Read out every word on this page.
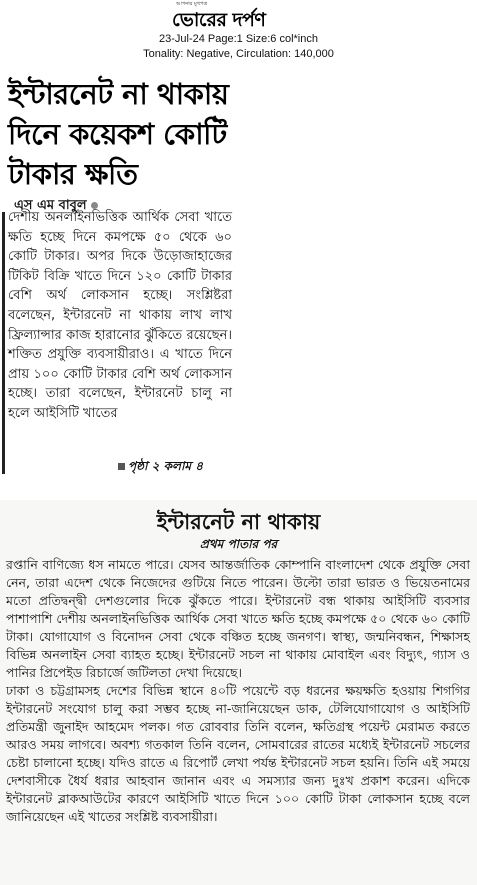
আপনার মুখপত্র
ভোরের দর্পণ
23-Jul-24 Page:1 Size:6 col*inch
Tonality: Negative, Circulation: 140,000
ইন্টারনেট না থাকায় দিনে কয়েকশ কোটি টাকার ক্ষতি
এস এম বাবুল

দেশীয় অনলাইনভিত্তিক আর্থিক সেবা খাতে ক্ষতি হচ্ছে দিনে কমপক্ষে ৫০ থেকে ৬০ কোটি টাকার। অপর দিকে উড়োজাহাজের টিকিট বিক্রি খাতে দিনে ১২০ কোটি টাকার বেশি অর্থ লোকসান হচ্ছে। সংশ্লিষ্টরা বলেছেন, ইন্টারনেট না থাকায় লাখ লাখ ফ্রিল্যান্সার কাজ হারানোর ঝুঁকিতে রয়েছেন। শক্তিত প্রযুক্তি ব্যবসায়ীরাও। এ খাতে দিনে প্রায় ১০০ কোটি টাকার বেশি অর্থ লোকসান হচ্ছে। তারা বলেছেন, ইন্টারনেট চালু না হলে আইসিটি খাতের

পৃষ্ঠা ২ কলাম ৪
ইন্টারনেট না থাকায়
প্রথম পাতার পর

রপ্তানি বাণিজ্যে ধস নামতে পারে। যেসব আন্তর্জাতিক কোম্পানি বাংলাদেশ থেকে প্রযুক্তি সেবা নেন, তারা এদেশ থেকে নিজেদের গুটিয়ে নিতে পারেন। উল্টো তারা ভারত ও ভিয়েতনামের মতো প্রতিদ্বন্দ্বী দেশগুলোর দিকে ঝুঁকতে পারে। ইন্টারনেট বন্ধ থাকায় আইসিটি ব্যবসার পাশাপাশি দেশীয় অনলাইনভিত্তিক আর্থিক সেবা খাতে ক্ষতি হচ্ছে কমপক্ষে ৫০ থেকে ৬০ কোটি টাকা। যোগাযোগ ও বিনোদন সেবা থেকে বঞ্চিত হচ্ছে জনগণ। স্বাস্থ্য, জন্মনিবন্ধন, শিক্ষাসহ বিভিন্ন অনলাইন সেবা ব্যাহত হচ্ছে। ইন্টারনেট সচল না থাকায় মোবাইল এবং বিদ্যুৎ, গ্যাস ও পানির প্রিপেইড রিচার্জে জটিলতা দেখা দিয়েছে।

ঢাকা ও চট্টগ্রামসহ দেশের বিভিন্ন স্থানে ৪০টি পয়েন্টে বড় ধরনের ক্ষয়ক্ষতি হওয়ায় শিগগির ইন্টারনেট সংযোগ চালু করা সম্ভব হচ্ছে না-জানিয়েছেন ডাক, টেলিযোগাযোগ ও আইসিটি প্রতিমন্ত্রী জুনাইদ আহমেদ পলক। গত রোববার তিনি বলেন, ক্ষতিগ্রস্থ পয়েন্ট মেরামত করতে আরও সময় লাগবে। অবশ্য গতকাল তিনি বলেন, সোমবারের রাতের মধ্যেই ইন্টারনেট সচলের চেষ্টা চালানো হচ্ছে। যদিও রাতে এ রিপোর্ট লেখা পর্যন্ত ইন্টারনেট সচল হয়নি। তিনি এই সময়ে দেশবাসীকে ধৈর্য ধরার আহবান জানান এবং এ সমস্যার জন্য দুঃখ প্রকাশ করেন। এদিকে ইন্টারনেট ব্লাকআউটের কারণে আইসিটি খাতে দিনে ১০০ কোটি টাকা লোকসান হচ্ছে বলে জানিয়েছেন এই খাতের সংশ্লিষ্ট ব্যবসায়ীরা।
